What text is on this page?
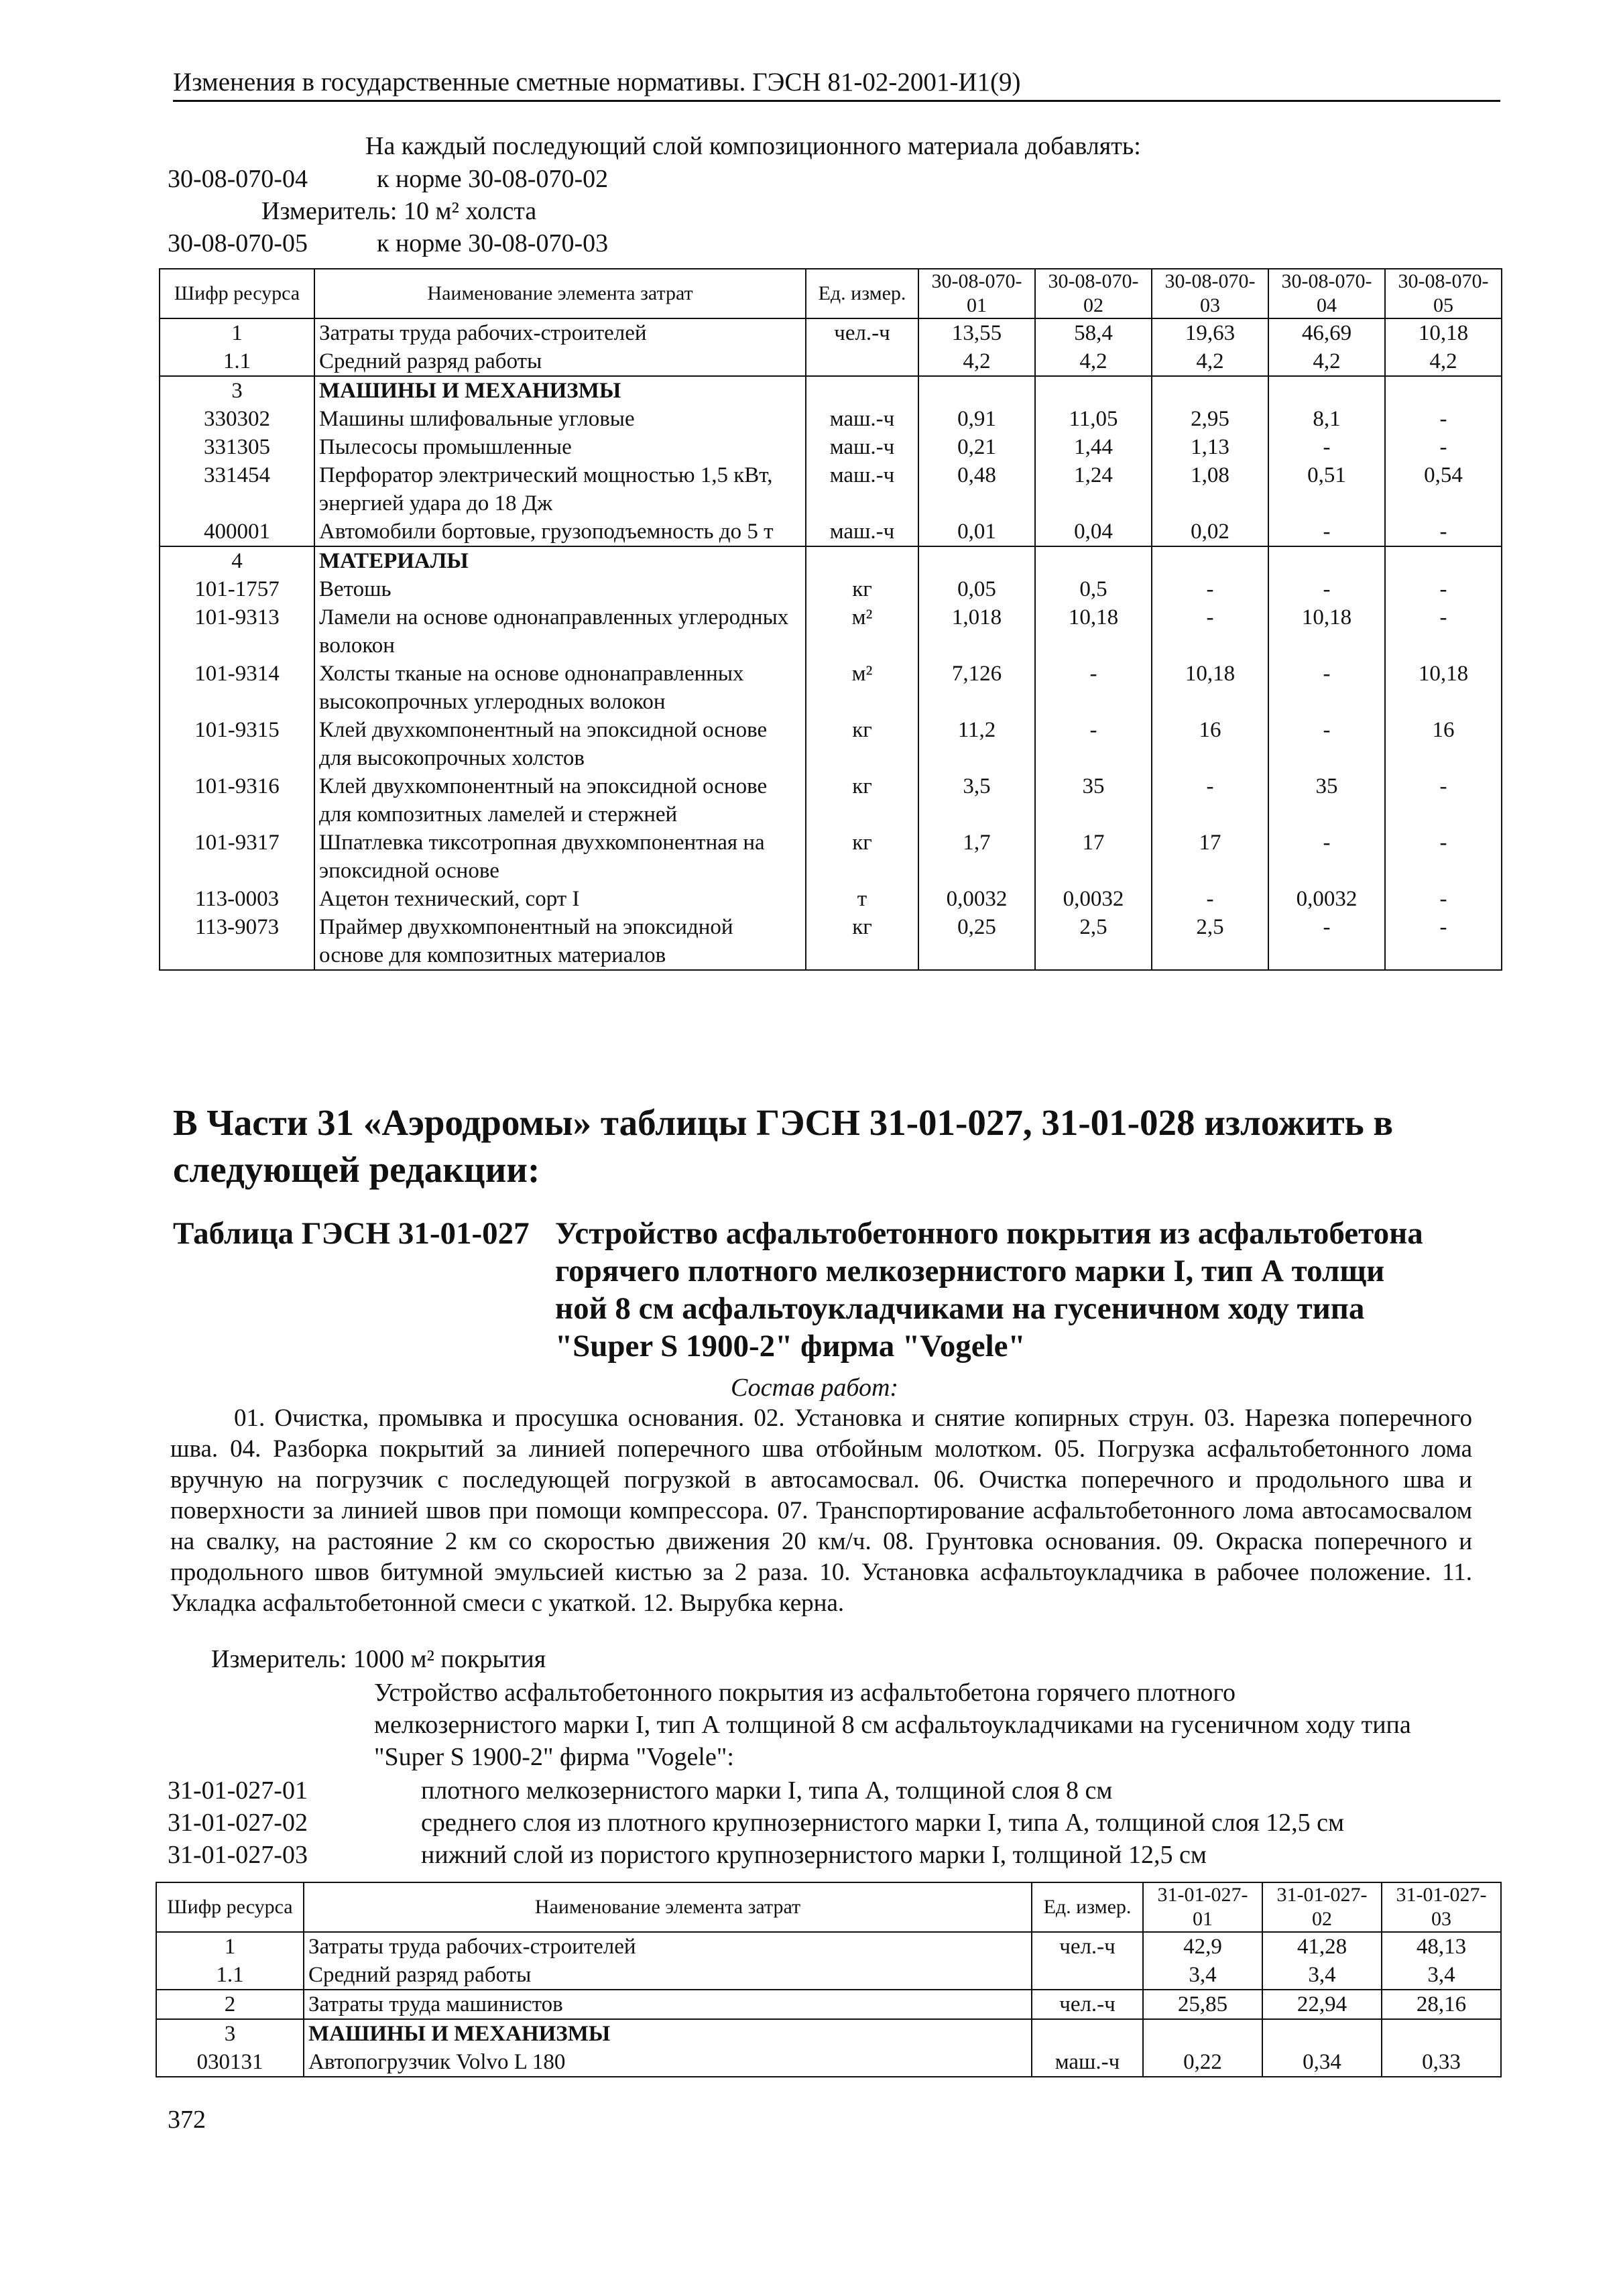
Изменения в государственные сметные нормативы. ГЭСН 81-02-2001-И1(9)
На каждый последующий слой композиционного материала добавлять:
30-08-070-04	к норме 30-08-070-02
Измеритель: 10 м² холста
30-08-070-05	к норме 30-08-070-03
Шифр ресурса	Наименование элемента затрат	Ед. измер.	30-08-070-01	30-08-070-02	30-08-070-03	30-08-070-04	30-08-070-05
1	Затраты труда рабочих-строителей	чел.-ч	13,55	58,4	19,63	46,69	10,18
1.1	Средний разряд работы		4,2	4,2	4,2	4,2	4,2
3	МАШИНЫ И МЕХАНИЗМЫ						
330302	Машины шлифовальные угловые	маш.-ч	0,91	11,05	2,95	8,1	-
331305	Пылесосы промышленные	маш.-ч	0,21	1,44	1,13	-	-
331454	Перфоратор электрический мощностью 1,5 кВт, энергией удара до 18 Дж	маш.-ч	0,48	1,24	1,08	0,51	0,54
400001	Автомобили бортовые, грузоподъемность до 5 т	маш.-ч	0,01	0,04	0,02	-	-
4	МАТЕРИАЛЫ						
101-1757	Ветошь	кг	0,05	0,5	-	-	-
101-9313	Ламели на основе однонаправленных углеродных волокон	м²	1,018	10,18	-	10,18	-
101-9314	Холсты тканые на основе однонаправленных высокопрочных углеродных волокон	м²	7,126	-	10,18	-	10,18
101-9315	Клей двухкомпонентный на эпоксидной основе для высокопрочных холстов	кг	11,2	-	16	-	16
101-9316	Клей двухкомпонентный на эпоксидной основе для композитных ламелей и стержней	кг	3,5	35	-	35	-
101-9317	Шпатлевка тиксотропная двухкомпонентная на эпоксидной основе	кг	1,7	17	17	-	-
113-0003	Ацетон технический, сорт I	т	0,0032	0,0032	-	0,0032	-
113-9073	Праймер двухкомпонентный на эпоксидной основе для композитных материалов	кг	0,25	2,5	2,5	-	-
В Части 31 «Аэродромы» таблицы ГЭСН 31-01-027, 31-01-028 изложить в следующей редакции:
Таблица ГЭСН 31-01-027 Устройство асфальтобетонного покрытия из асфальтобетона
горячего плотного мелкозернистого марки I, тип А толщи
ной 8 см асфальтоукладчиками на гусеничном ходу типа
"Super S 1900-2" фирма "Vogele"
Состав работ:
01. Очистка, промывка и просушка основания. 02. Установка и снятие копирных струн. 03. Нарезка поперечного шва. 04. Разборка покрытий за линией поперечного шва отбойным молотком. 05. Погрузка асфальтобетонного лома вручную на погрузчик с последующей погрузкой в автосамосвал. 06. Очистка поперечного и продольного шва и поверхности за линией швов при помощи компрессора. 07. Транспортирование асфальтобетонного лома автосамосвалом на свалку, на растояние 2 км со скоростью движения 20 км/ч. 08. Грунтовка основания. 09. Окраска поперечного и продольного швов битумной эмульсией кистью за 2 раза. 10. Установка асфальтоукладчика в рабочее положение. 11. Укладка асфальтобетонной смеси с укаткой. 12. Вырубка керна.
Измеритель: 1000 м² покрытия
Устройство асфальтобетонного покрытия из асфальтобетона горячего плотного
мелкозернистого марки I, тип А толщиной 8 см асфальтоукладчиками на гусеничном ходу типа
"Super S 1900-2" фирма "Vogele":
31-01-027-01	плотного мелкозернистого марки I, типа А, толщиной слоя 8 см
31-01-027-02	среднего слоя из плотного крупнозернистого марки I, типа А, толщиной слоя 12,5 см
31-01-027-03	нижний слой из пористого крупнозернистого марки I, толщиной 12,5 см
Шифр ресурса	Наименование элемента затрат	Ед. измер.	31-01-027-01	31-01-027-02	31-01-027-03
1	Затраты труда рабочих-строителей	чел.-ч	42,9	41,28	48,13
1.1	Средний разряд работы		3,4	3,4	3,4
2	Затраты труда машинистов	чел.-ч	25,85	22,94	28,16
3	МАШИНЫ И МЕХАНИЗМЫ				
030131	Автопогрузчик Volvo L 180	маш.-ч	0,22	0,34	0,33
372
